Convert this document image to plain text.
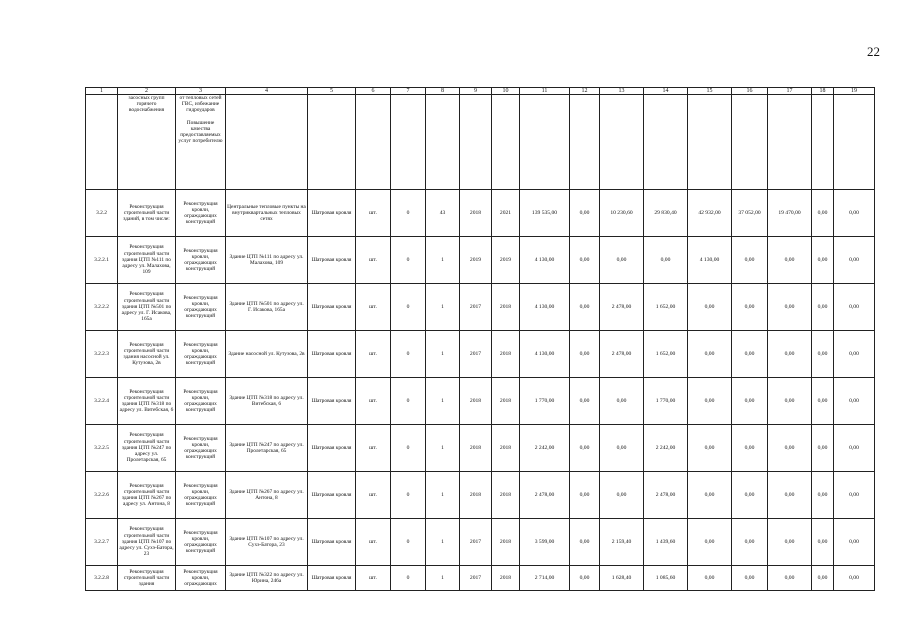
22
1	2	3	4	5	6	7	8	9	10	11	12	13	14	15	16	17	18	19
	засосных групп горячего водоснабжения	от тепловых сетей ГВС, избежание гидроударов

Повышение качества предоставляемых услуг потребителю																
3.2.2	Реконструкция строительной части зданий, в том числе:	Реконструкция кровли, ограждающих конструкций	Центральные тепловые пункты на внутриквартальных тепловых сетях	Шатровая кровля	шт.	0	43	2018	2021	139 535,00	0,00	10 230,60	29 830,40	42 932,00	37 052,00	19 470,00	0,00	0,00
3.2.2.1	Реконструкция строительной части здания ЦТП №111 по адресу ул. Малахова, 109	Реконструкция кровли, ограждающих конструкций	Здание ЦТП №111 по адресу ул. Малахова, 109	Шатровая кровля	шт.	0	1	2019	2019	4 130,00	0,00	0,00	0,00	4 130,00	0,00	0,00	0,00	0,00
3.2.2.2	Реконструкция строительной части здания ЦТП №501 по адресу ул. Г. Исакова, 165а	Реконструкция кровли, ограждающих конструкций	Здание ЦТП №501 по адресу ул. Г. Исакова, 165а	Шатровая кровля	шт.	0	1	2017	2018	4 130,00	0,00	2 478,00	1 652,00	0,00	0,00	0,00	0,00	0,00
3.2.2.3	Реконструкция строительной части здания насосной ул. Кутузова, 2в	Реконструкция кровли, ограждающих конструкций	Здание насосной ул. Кутузова, 2в	Шатровая кровля	шт.	0	1	2017	2018	4 130,00	0,00	2 478,00	1 652,00	0,00	0,00	0,00	0,00	0,00
3.2.2.4	Реконструкция строительной части здания ЦТП №318 по адресу ул. Витебская, 6	Реконструкция кровли, ограждающих конструкций	Здание ЦТП №318 по адресу ул. Витебская, 6	Шатровая кровля	шт.	0	1	2018	2018	1 770,00	0,00	0,00	1 770,00	0,00	0,00	0,00	0,00	0,00
3.2.2.5	Реконструкция строительной части здания ЦТП №247 по адресу ул. Пролетарская, 65	Реконструкция кровли, ограждающих конструкций	Здание ЦТП №247 по адресу ул. Пролетарская, 65	Шатровая кровля	шт.	0	1	2018	2018	2 242,00	0,00	0,00	2 242,00	0,00	0,00	0,00	0,00	0,00
3.2.2.6	Реконструкция строительной части здания ЦТП №267 по адресу ул. Антона, 8	Реконструкция кровли, ограждающих конструкций	Здание ЦТП №267 по адресу ул. Антона, 8	Шатровая кровля	шт.	0	1	2018	2018	2 478,00	0,00	0,00	2 478,00	0,00	0,00	0,00	0,00	0,00
3.2.2.7	Реконструкция строительной части здания ЦТП №107 по адресу ул. Сухэ-Батора, 23	Реконструкция кровли, ограждающих конструкций	Здание ЦТП №107 по адресу ул. Сухэ-Батора, 23	Шатровая кровля	шт.	0	1	2017	2018	3 599,00	0,00	2 159,40	1 439,60	0,00	0,00	0,00	0,00	0,00
3.2.2.8	Реконструкция строительной части здания	Реконструкция кровли, ограждающих	Здание ЦТП №322 по адресу ул. Юрина, 246а	Шатровая кровля	шт.	0	1	2017	2018	2 714,00	0,00	1 628,40	1 085,60	0,00	0,00	0,00	0,00	0,00
